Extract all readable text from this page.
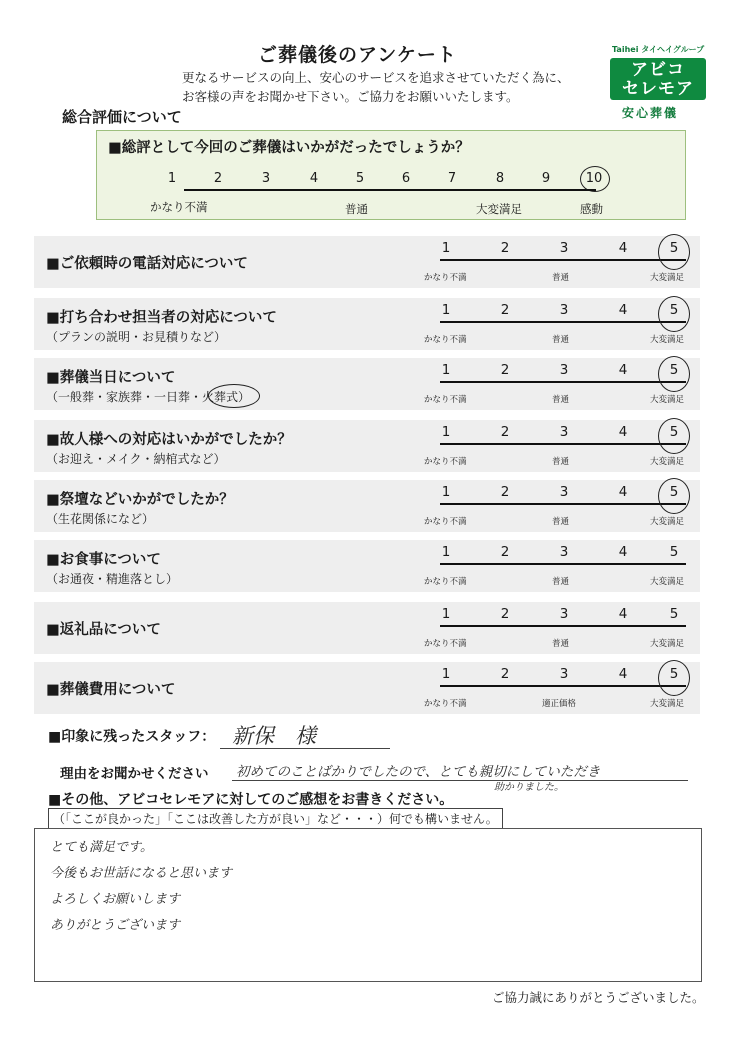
ご葬儀後のアンケート
更なるサービスの向上、安心のサービスを追求させていただく為に、
お客様の声をお聞かせ下さい。ご協力をお願いいたします。
Taihei タイヘイグループ
アビコ
セレモア
安心葬儀
総合評価について
■総評として今回のご葬儀はいかがだったでしょうか？
1	2	3	4	5	6	7	8	9	10
かなり不満	普通	大変満足	感動
■ご依頼時の電話対応について
1	2	3	4	5
かなり不満	普通	大変満足
■打ち合わせ担当者の対応について
（プランの説明・お見積りなど）
1	2	3	4	5
かなり不満	普通	大変満足
■葬儀当日について
（一般葬・家族葬・一日葬・火葬式）
1	2	3	4	5
かなり不満	普通	大変満足
■故人様への対応はいかがでしたか？
（お迎え・メイク・納棺式など）
1	2	3	4	5
かなり不満	普通	大変満足
■祭壇などいかがでしたか？
（生花関係になど）
1	2	3	4	5
かなり不満	普通	大変満足
■お食事について
（お通夜・精進落とし）
1	2	3	4	5
かなり不満	普通	大変満足
■返礼品について
1	2	3	4	5
かなり不満	普通	大変満足
■葬儀費用について
1	2	3	4	5
かなり不満	適正価格	大変満足
■印象に残ったスタッフ： 新保　様
理由をお聞かせください 初めてのことばかりでしたので、とても親切にしていただき
助かりました。
■その他、アビコセレモアに対してのご感想をお書きください。
（「ここが良かった」「ここは改善した方が良い」など・・・）何でも構いません。
とても満足です。
今後もお世話になると思います
よろしくお願いします
ありがとうございます
ご協力誠にありがとうございました。
